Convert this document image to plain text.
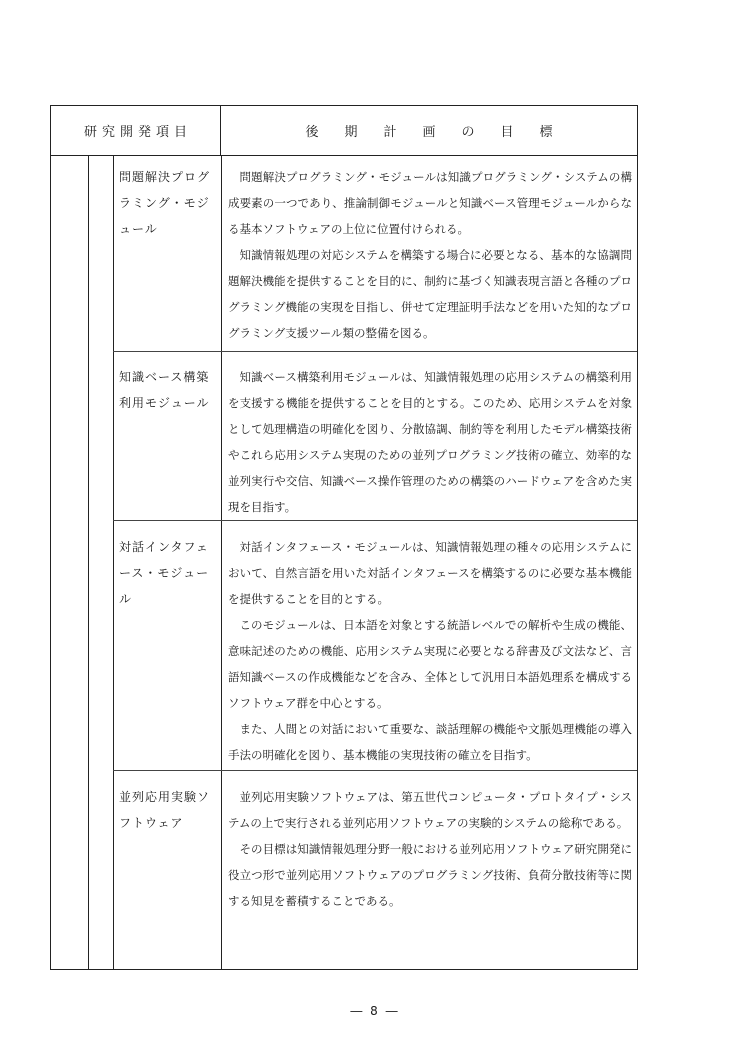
研究開発項目	後期計画の目標
問題解決プログラミング・モジュール

問題解決プログラミング・モジュールは知識プログラミング・システムの構成要素の一つであり、推論制御モジュールと知識ベース管理モジュールからなる基本ソフトウェアの上位に位置付けられる。

知識情報処理の対応システムを構築する場合に必要となる、基本的な協調問題解決機能を提供することを目的に、制約に基づく知識表現言語と各種のプログラミング機能の実現を目指し、併せて定理証明手法などを用いた知的なプログラミング支援ツール類の整備を図る。

知識ベース構築利用モジュール

知識ベース構築利用モジュールは、知識情報処理の応用システムの構築利用を支援する機能を提供することを目的とする。このため、応用システムを対象として処理構造の明確化を図り、分散協調、制約等を利用したモデル構築技術やこれら応用システム実現のための並列プログラミング技術の確立、効率的な並列実行や交信、知識ベース操作管理のための構築のハードウェアを含めた実現を目指す。

対話インタフェース・モジュール

対話インタフェース・モジュールは、知識情報処理の種々の応用システムにおいて、自然言語を用いた対話インタフェースを構築するのに必要な基本機能を提供することを目的とする。

このモジュールは、日本語を対象とする統語レベルでの解析や生成の機能、意味記述のための機能、応用システム実現に必要となる辞書及び文法など、言語知識ベースの作成機能などを含み、全体として汎用日本語処理系を構成するソフトウェア群を中心とする。

また、人間との対話において重要な、談話理解の機能や文脈処理機能の導入手法の明確化を図り、基本機能の実現技術の確立を目指す。

並列応用実験ソフトウェア

並列応用実験ソフトウェアは、第五世代コンピュータ・プロトタイプ・システムの上で実行される並列応用ソフトウェアの実験的システムの総称である。

その目標は知識情報処理分野一般における並列応用ソフトウェア研究開発に役立つ形で並列応用ソフトウェアのプログラミング技術、負荷分散技術等に関する知見を蓄積することである。

― 8 ―
